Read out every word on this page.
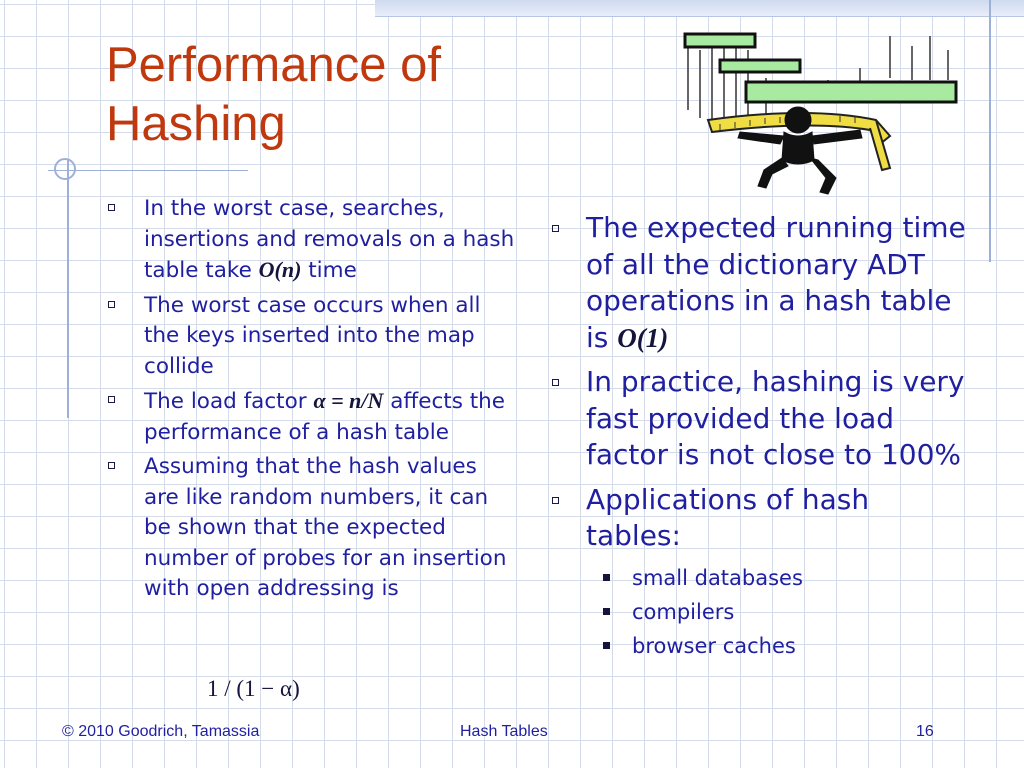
Performance of Hashing
In the worst case, searches, insertions and removals on a hash table take O(n) time
The worst case occurs when all the keys inserted into the map collide
The load factor α = n/N affects the performance of a hash table
Assuming that the hash values are like random numbers, it can be shown that the expected number of probes for an insertion with open addressing is
1 / (1 − α)
The expected running time of all the dictionary ADT operations in a hash table is O(1)
In practice, hashing is very fast provided the load factor is not close to 100%
Applications of hash tables:
small databases
compilers
browser caches
© 2010 Goodrich, Tamassia	Hash Tables	16
